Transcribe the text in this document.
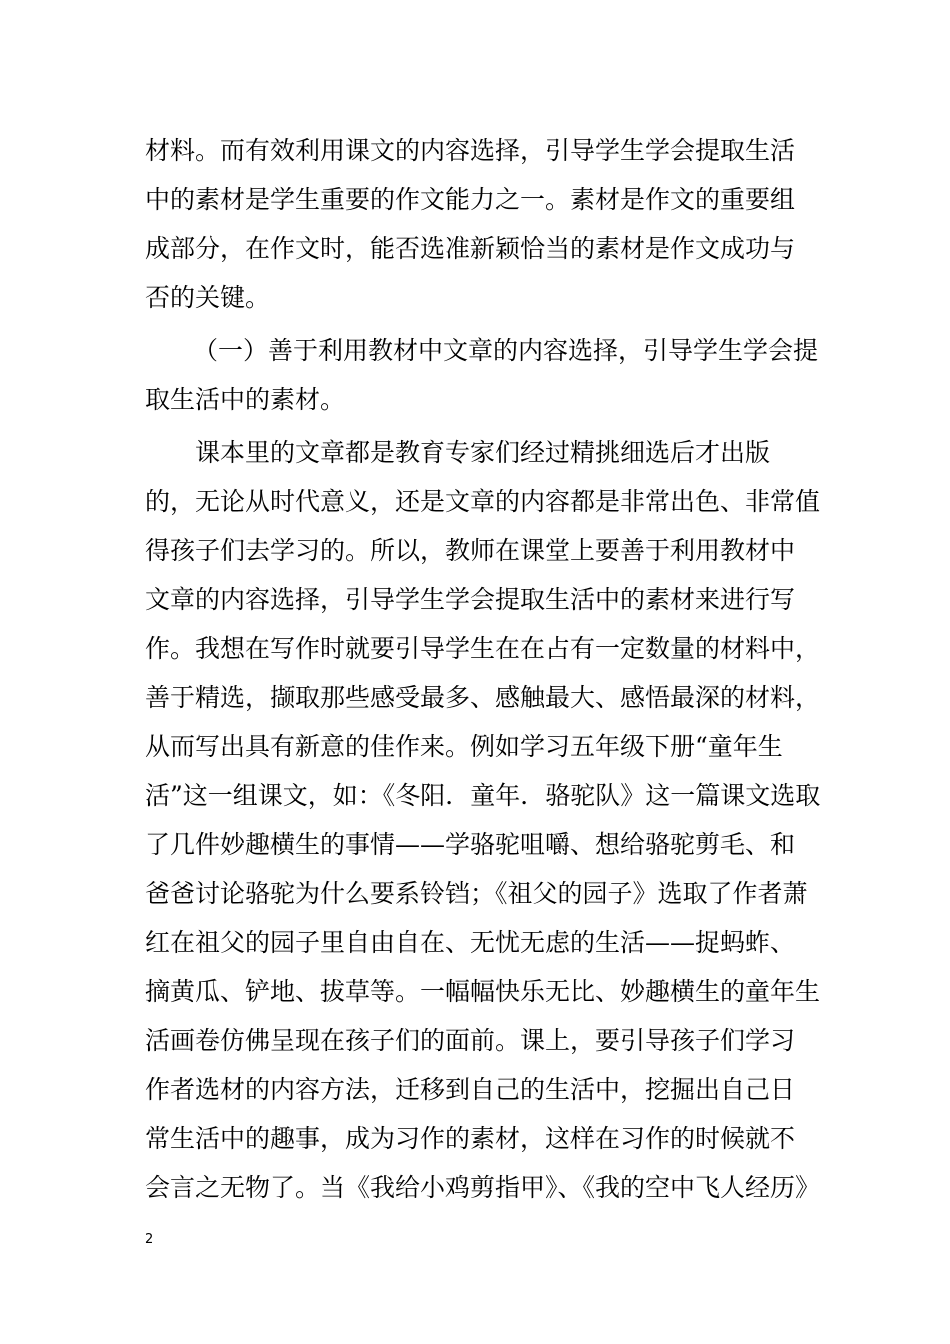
材料。而有效利用课文的内容选择，引导学生学会提取生活
中的素材是学生重要的作文能力之一。素材是作文的重要组
成部分，在作文时，能否选准新颖恰当的素材是作文成功与
否的关键。
（一）善于利用教材中文章的内容选择，引导学生学会提
取生活中的素材。
课本里的文章都是教育专家们经过精挑细选后才出版
的，无论从时代意义，还是文章的内容都是非常出色、非常值
得孩子们去学习的。所以，教师在课堂上要善于利用教材中
文章的内容选择，引导学生学会提取生活中的素材来进行写
作。我想在写作时就要引导学生在在占有一定数量的材料中，
善于精选，撷取那些感受最多、感触最大、感悟最深的材料，
从而写出具有新意的佳作来。例如学习五年级下册“童年生
活”这一组课文，如：《冬阳．童年．骆驼队》这一篇课文选取
了几件妙趣横生的事情——学骆驼咀嚼、想给骆驼剪毛、和
爸爸讨论骆驼为什么要系铃铛；《祖父的园子》选取了作者萧
红在祖父的园子里自由自在、无忧无虑的生活——捉蚂蚱、
摘黄瓜、铲地、拔草等。一幅幅快乐无比、妙趣横生的童年生
活画卷仿佛呈现在孩子们的面前。课上，要引导孩子们学习
作者选材的内容方法，迁移到自己的生活中，挖掘出自己日
常生活中的趣事，成为习作的素材，这样在习作的时候就不
会言之无物了。当《我给小鸡剪指甲》、《我的空中飞人经历》
2
